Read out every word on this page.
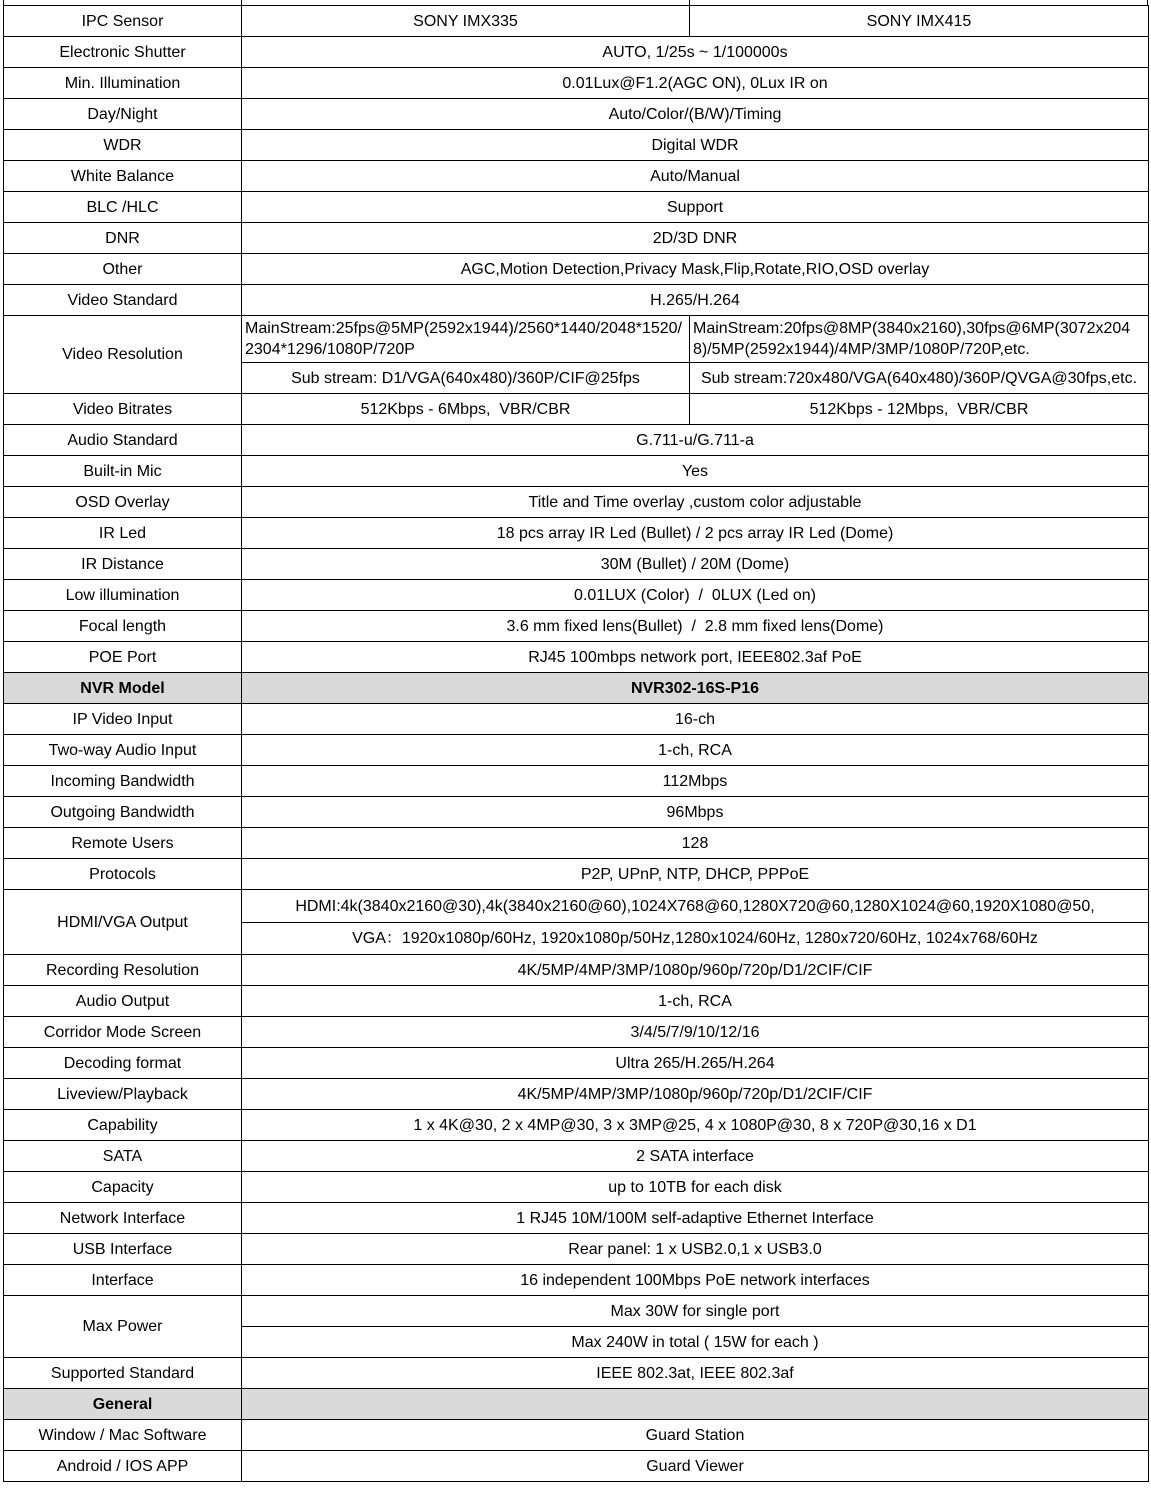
IPC Sensor	SONY IMX335	SONY IMX415
Electronic Shutter	AUTO, 1/25s ~ 1/100000s	
Min. Illumination	0.01Lux@F1.2(AGC ON), 0Lux IR on	
Day/Night	Auto/Color/(B/W)/Timing	
WDR	Digital WDR	
White Balance	Auto/Manual	
BLC /HLC	Support	
DNR	2D/3D DNR	
Other	AGC,Motion Detection,Privacy Mask,Flip,Rotate,RIO,OSD overlay	
Video Standard	H.265/H.264	
Video Resolution	MainStream:25fps@5MP(2592x1944)/2560*1440/2048*1520/2304*1296/1080P/720P	MainStream:20fps@8MP(3840x2160),30fps@6MP(3072x2048)/5MP(2592x1944)/4MP/3MP/1080P/720P,etc.
	Sub stream: D1/VGA(640x480)/360P/CIF@25fps	Sub stream:720x480/VGA(640x480)/360P/QVGA@30fps,etc.
Video Bitrates	512Kbps - 6Mbps,  VBR/CBR	512Kbps - 12Mbps,  VBR/CBR
Audio Standard	G.711-u/G.711-a	
Built-in Mic	Yes	
OSD Overlay	Title and Time overlay ,custom color adjustable	
IR Led	18 pcs array IR Led (Bullet) / 2 pcs array IR Led (Dome)	
IR Distance	30M (Bullet) / 20M (Dome)	
Low illumination	0.01LUX (Color)  /  0LUX (Led on)	
Focal length	3.6 mm fixed lens(Bullet)  /  2.8 mm fixed lens(Dome)	
POE Port	RJ45 100mbps network port, IEEE802.3af PoE	
NVR Model	NVR302-16S-P16	
IP Video Input	16-ch	
Two-way Audio Input	1-ch, RCA	
Incoming Bandwidth	112Mbps	
Outgoing Bandwidth	96Mbps	
Remote Users	128	
Protocols	P2P, UPnP, NTP, DHCP, PPPoE	
HDMI/VGA Output	HDMI:4k(3840x2160@30),4k(3840x2160@60),1024X768@60,1280X720@60,1280X1024@60,1920X1080@50,	
	VGA：1920x1080p/60Hz, 1920x1080p/50Hz,1280x1024/60Hz, 1280x720/60Hz, 1024x768/60Hz	
Recording Resolution	4K/5MP/4MP/3MP/1080p/960p/720p/D1/2CIF/CIF	
Audio Output	1-ch, RCA	
Corridor Mode Screen	3/4/5/7/9/10/12/16	
Decoding format	Ultra 265/H.265/H.264	
Liveview/Playback	4K/5MP/4MP/3MP/1080p/960p/720p/D1/2CIF/CIF	
Capability	1 x 4K@30, 2 x 4MP@30, 3 x 3MP@25, 4 x 1080P@30, 8 x 720P@30,16 x D1	
SATA	2 SATA interface	
Capacity	up to 10TB for each disk	
Network Interface	1 RJ45 10M/100M self-adaptive Ethernet Interface	
USB Interface	Rear panel: 1 x USB2.0,1 x USB3.0	
Interface	16 independent 100Mbps PoE network interfaces	
Max Power	Max 30W for single port	
	Max 240W in total ( 15W for each )	
Supported Standard	IEEE 802.3at, IEEE 802.3af	
General		
Window / Mac Software	Guard Station	
Android / IOS APP	Guard Viewer	
